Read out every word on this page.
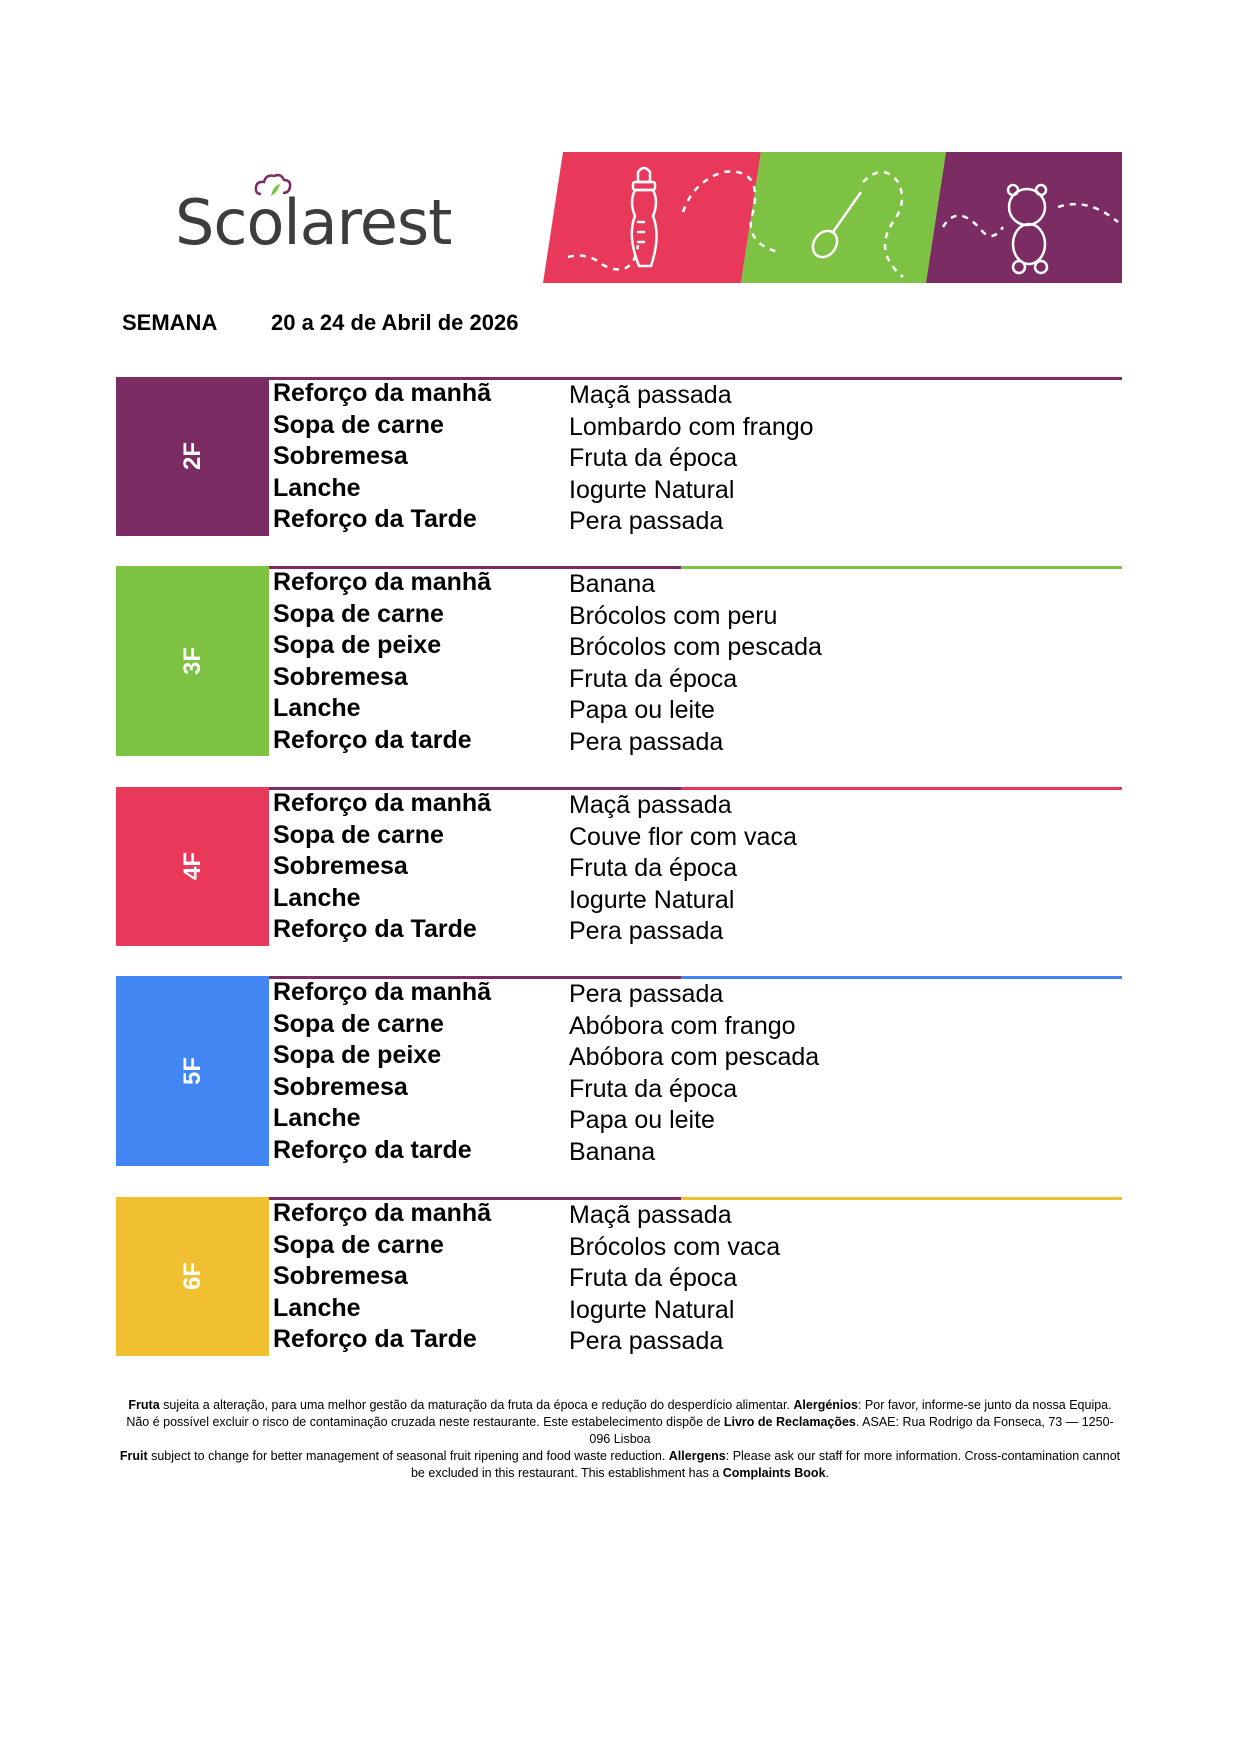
Scolarest
SEMANA 20 a 24 de Abril de 2026
2F
Reforço da manhã	Maçã passada
Sopa de carne	Lombardo com frango
Sobremesa	Fruta da época
Lanche	Iogurte Natural
Reforço da Tarde	Pera passada
3F
Reforço da manhã	Banana
Sopa de carne	Brócolos com peru
Sopa de peixe	Brócolos com pescada
Sobremesa	Fruta da época
Lanche	Papa ou leite
Reforço da tarde	Pera passada
4F
Reforço da manhã	Maçã passada
Sopa de carne	Couve flor com vaca
Sobremesa	Fruta da época
Lanche	Iogurte Natural
Reforço da Tarde	Pera passada
5F
Reforço da manhã	Pera passada
Sopa de carne	Abóbora com frango
Sopa de peixe	Abóbora com pescada
Sobremesa	Fruta da época
Lanche	Papa ou leite
Reforço da tarde	Banana
6F
Reforço da manhã	Maçã passada
Sopa de carne	Brócolos com vaca
Sobremesa	Fruta da época
Lanche	Iogurte Natural
Reforço da Tarde	Pera passada

Fruta sujeita a alteração, para uma melhor gestão da maturação da fruta da época e redução do desperdício alimentar. Alergénios: Por favor, informe-se junto da nossa Equipa. Não é possível excluir o risco de contaminação cruzada neste restaurante. Este estabelecimento dispõe de Livro de Reclamações. ASAE: Rua Rodrigo da Fonseca, 73 — 1250-096 Lisboa

Fruit subject to change for better management of seasonal fruit ripening and food waste reduction. Allergens: Please ask our staff for more information. Cross-contamination cannot be excluded in this restaurant. This establishment has a Complaints Book.
